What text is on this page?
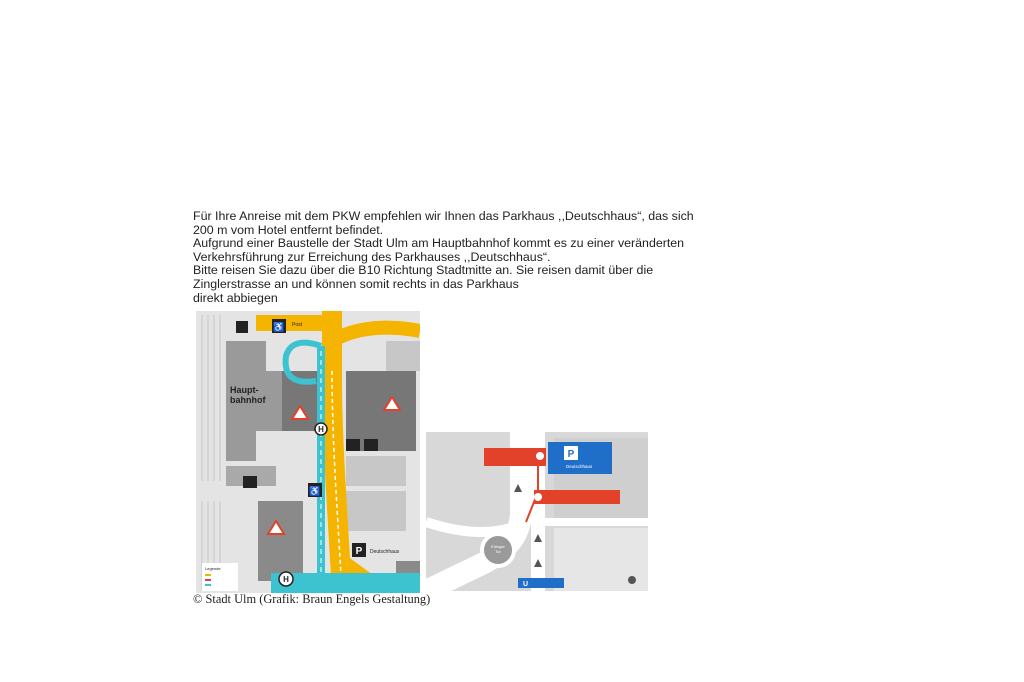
Für Ihre Anreise mit dem PKW empfehlen wir Ihnen das Parkhaus ,,Deutschhaus“, das sich

200 m vom Hotel entfernt befindet.

Aufgrund einer Baustelle der Stadt Ulm am Hauptbahnhof kommt es zu einer veränderten

Verkehrsführung zur Erreichung des Parkhauses ,,Deutschhaus“.

Bitte reisen Sie dazu über die B10 Richtung Stadtmitte an. Sie reisen damit über die

Zinglerstrasse an und können somit rechts in das Parkhaus

direkt abbiegen

Haupt-
bahnhof
Post
♿
♿
H
H
P Deutschhaus
Legende
Ehinger
Tor
P
Deutschhaus
U
© Stadt Ulm (Grafik: Braun Engels Gestaltung)
